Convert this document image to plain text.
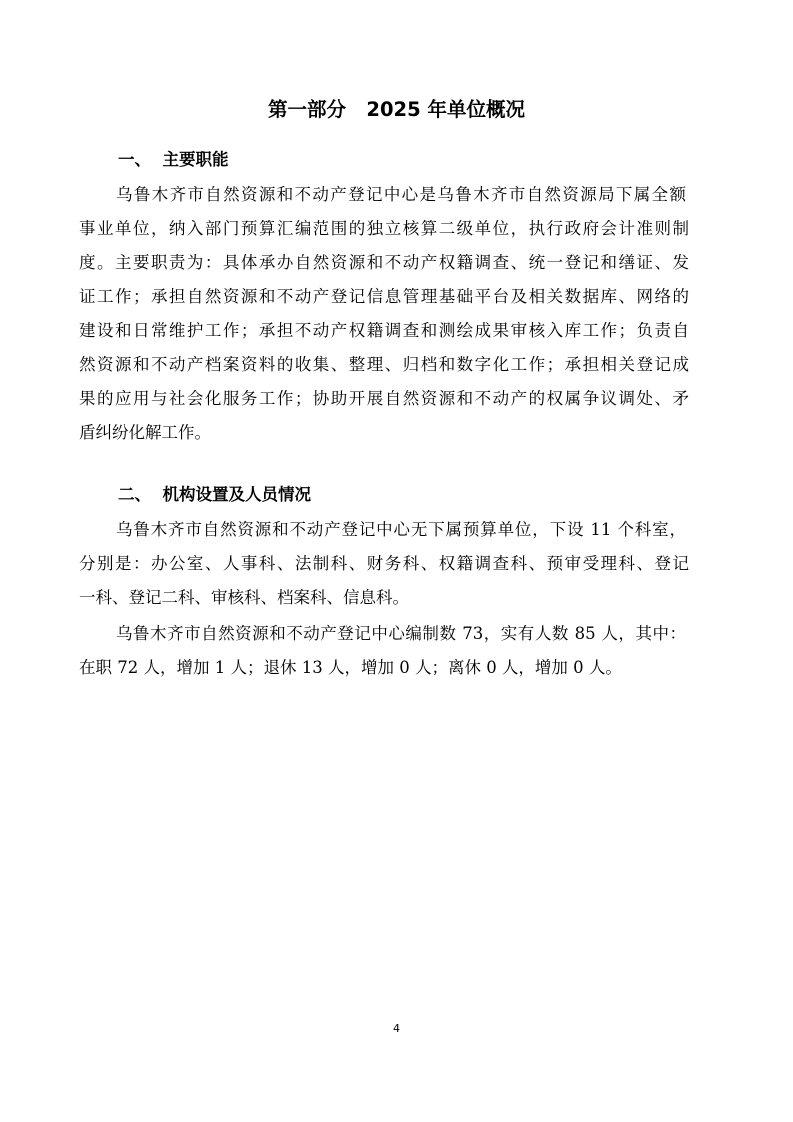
第一部分   2025 年单位概况
一、  主要职能

乌鲁木齐市自然资源和不动产登记中心是乌鲁木齐市自然资源局下属全额

事业单位，纳入部门预算汇编范围的独立核算二级单位，执行政府会计准则制

度。主要职责为：具体承办自然资源和不动产权籍调查、统一登记和缮证、发

证工作；承担自然资源和不动产登记信息管理基础平台及相关数据库、网络的

建设和日常维护工作；承担不动产权籍调查和测绘成果审核入库工作；负责自

然资源和不动产档案资料的收集、整理、归档和数字化工作；承担相关登记成

果的应用与社会化服务工作；协助开展自然资源和不动产的权属争议调处、矛

盾纠纷化解工作。

二、  机构设置及人员情况

乌鲁木齐市自然资源和不动产登记中心无下属预算单位，下设 11 个科室，

分别是：办公室、人事科、法制科、财务科、权籍调查科、预审受理科、登记

一科、登记二科、审核科、档案科、信息科。

乌鲁木齐市自然资源和不动产登记中心编制数 73，实有人数 85 人，其中：

在职 72 人，增加 1 人；退休 13 人，增加 0 人；离休 0 人，增加 0 人。

4
